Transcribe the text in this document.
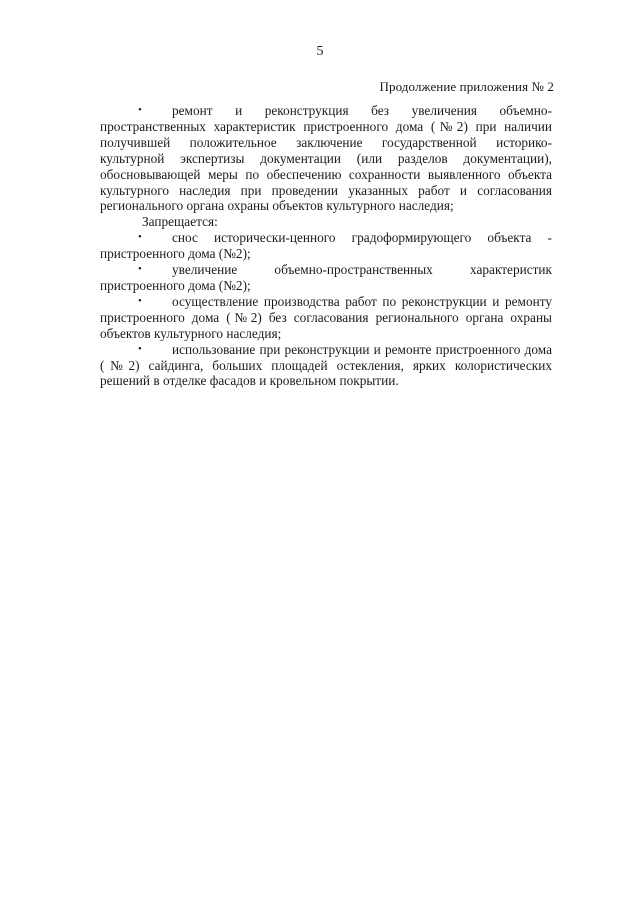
5
Продолжение приложения № 2

• ремонт и реконструкция без увеличения объемно-пространственных характеристик пристроенного дома (№2) при наличии получившей положительное заключение государственной историко-культурной экспертизы документации (или разделов документации), обосновывающей меры по обеспечению сохранности выявленного объекта культурного наследия при проведении указанных работ и согласования регионального органа охраны объектов культурного наследия;

Запрещается:

• снос исторически-ценного градоформирующего объекта - пристроенного дома (№2);

• увеличение объемно-пространственных характеристик пристроенного дома (№2);

• осуществление производства работ по реконструкции и ремонту пристроенного дома (№2) без согласования регионального органа охраны объектов культурного наследия;

• использование при реконструкции и ремонте пристроенного дома (№2) сайдинга, больших площадей остекления, ярких колористических решений в отделке фасадов и кровельном покрытии.
